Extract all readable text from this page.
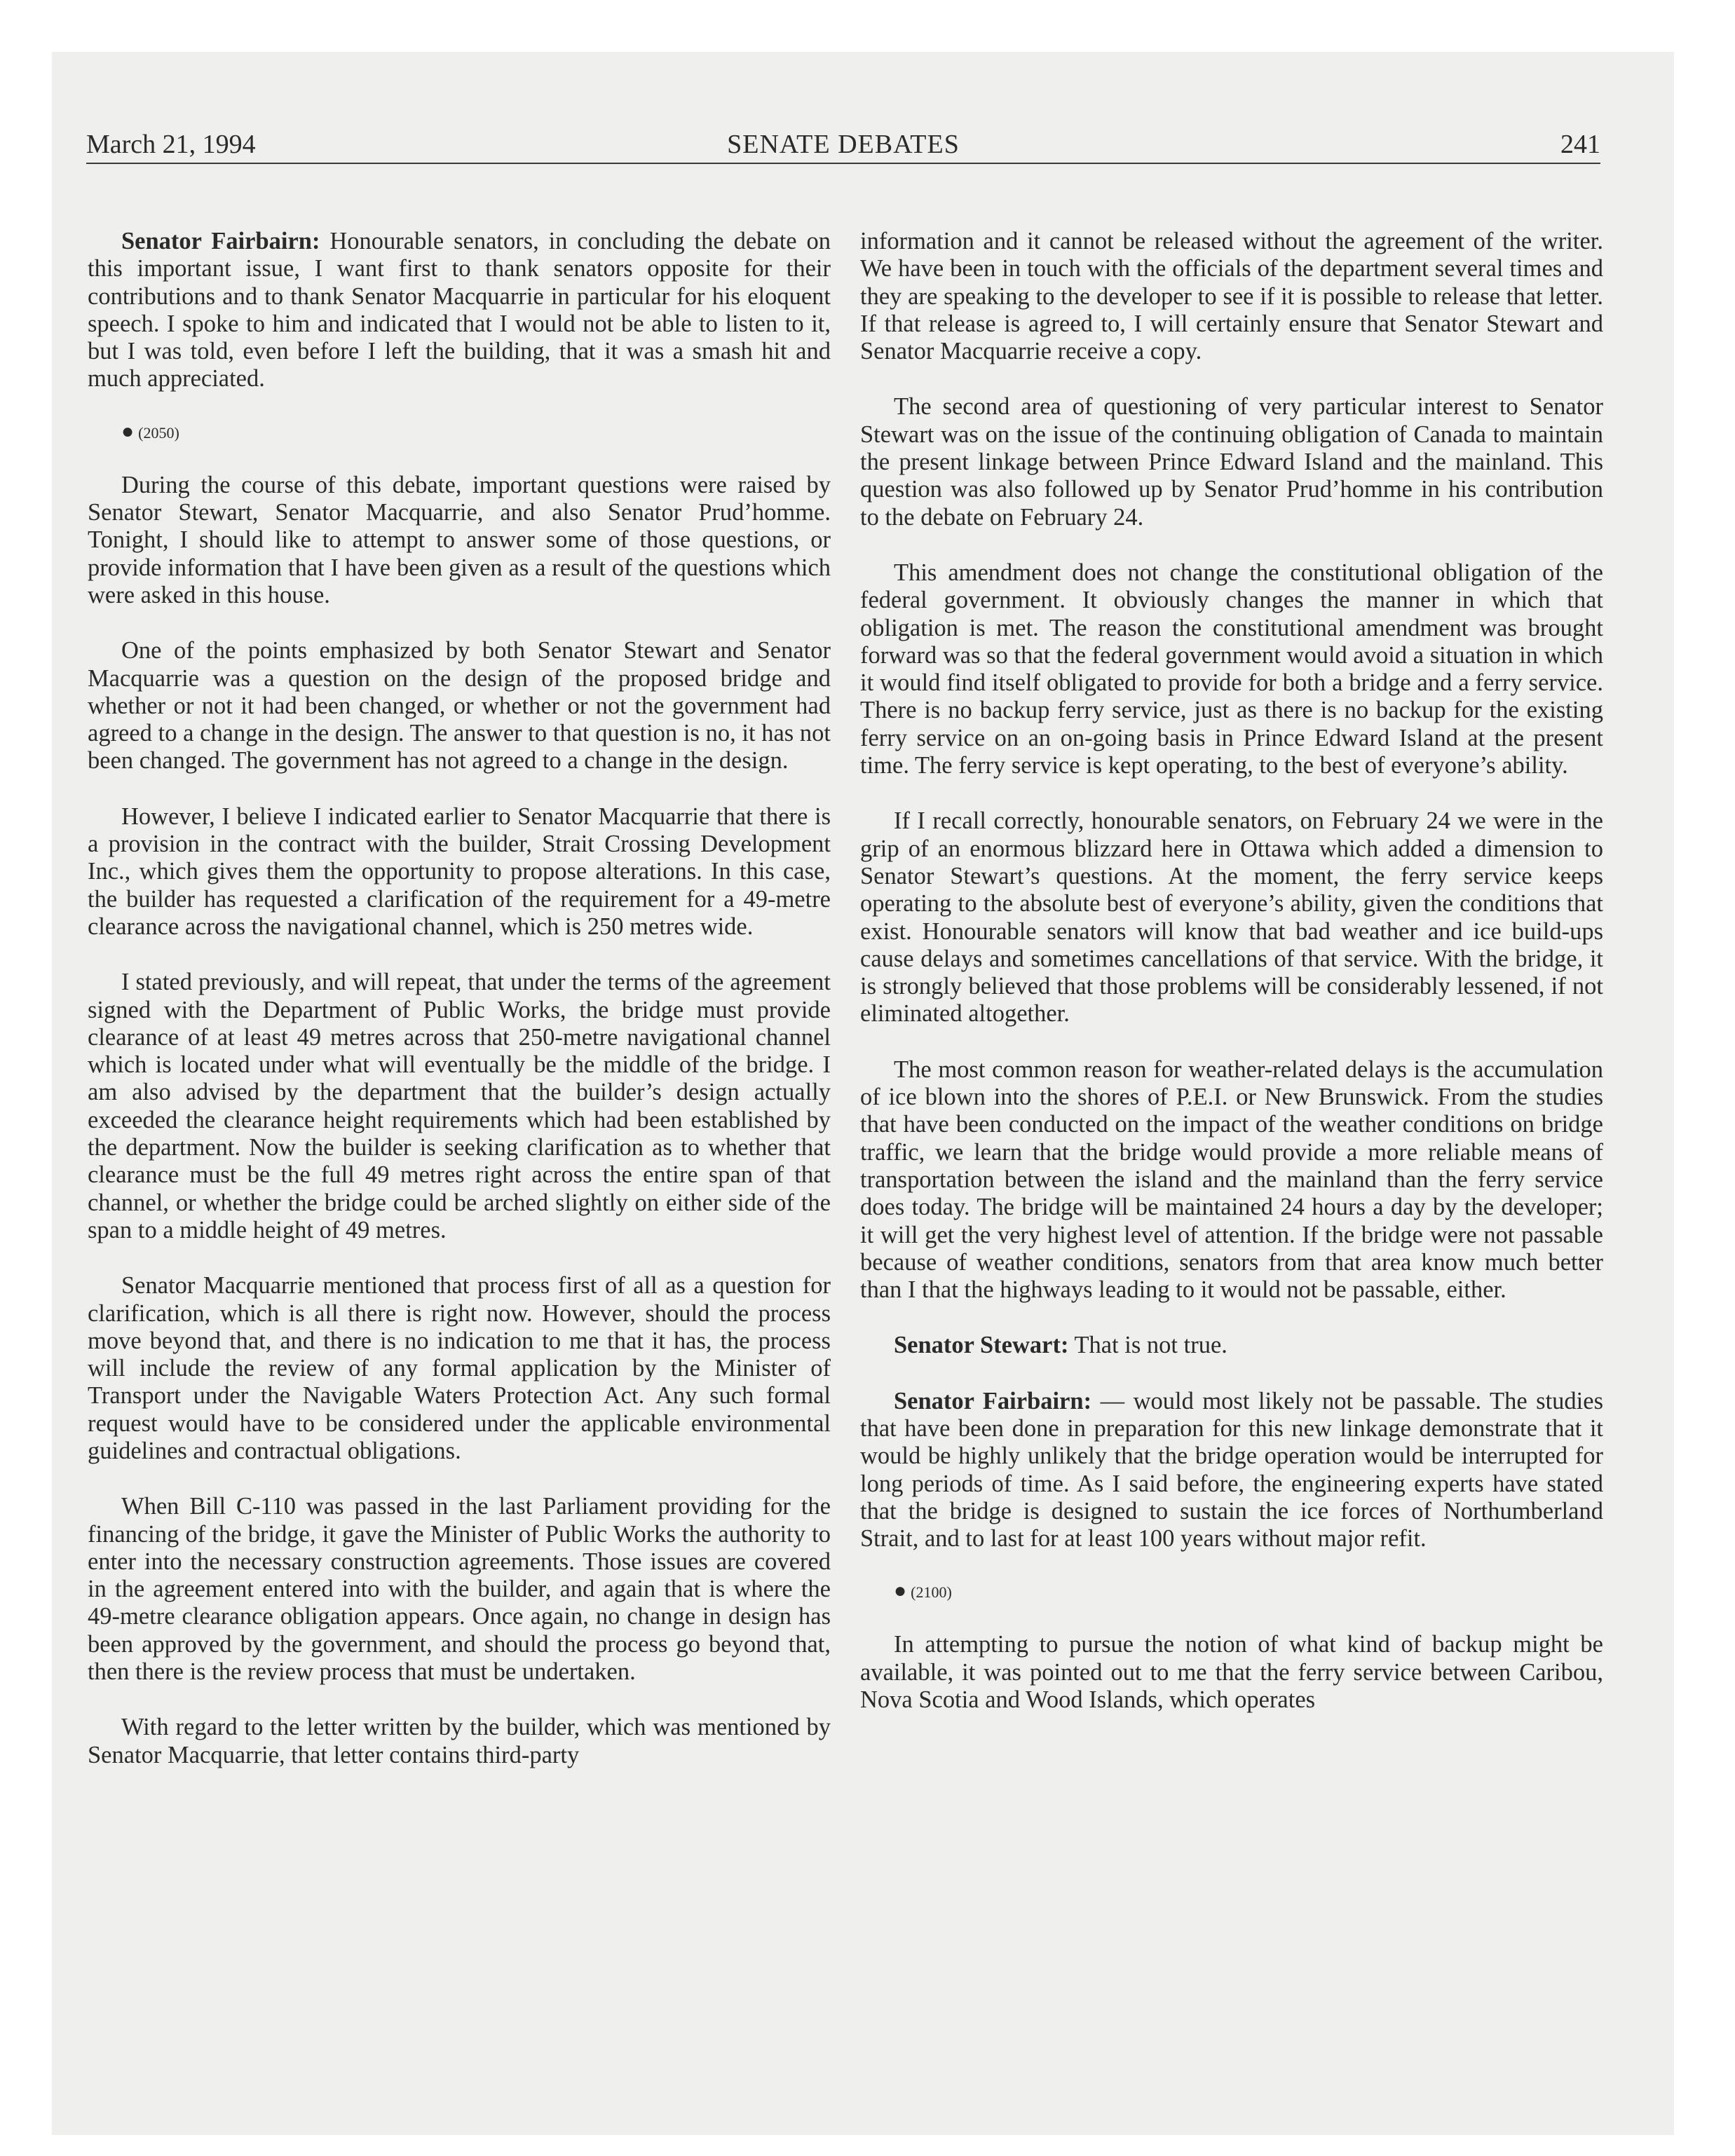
March 21, 1994	SENATE DEBATES	241

Senator Fairbairn: Honourable senators, in concluding the debate on this important issue, I want first to thank senators opposite for their contributions and to thank Senator Macquarrie in particular for his eloquent speech. I spoke to him and indicated that I would not be able to listen to it, but I was told, even before I left the building, that it was a smash hit and much appreciated.

● (2050)

During the course of this debate, important questions were raised by Senator Stewart, Senator Macquarrie, and also Senator Prud’homme. Tonight, I should like to attempt to answer some of those questions, or provide information that I have been given as a result of the questions which were asked in this house.

One of the points emphasized by both Senator Stewart and Senator Macquarrie was a question on the design of the proposed bridge and whether or not it had been changed, or whether or not the government had agreed to a change in the design. The answer to that question is no, it has not been changed. The government has not agreed to a change in the design.

However, I believe I indicated earlier to Senator Macquarrie that there is a provision in the contract with the builder, Strait Crossing Development Inc., which gives them the opportunity to propose alterations. In this case, the builder has requested a clarification of the requirement for a 49-metre clearance across the navigational channel, which is 250 metres wide.

I stated previously, and will repeat, that under the terms of the agreement signed with the Department of Public Works, the bridge must provide clearance of at least 49 metres across that 250-metre navigational channel which is located under what will eventually be the middle of the bridge. I am also advised by the department that the builder’s design actually exceeded the clearance height requirements which had been established by the department. Now the builder is seeking clarification as to whether that clearance must be the full 49 metres right across the entire span of that channel, or whether the bridge could be arched slightly on either side of the span to a middle height of 49 metres.

Senator Macquarrie mentioned that process first of all as a question for clarification, which is all there is right now. However, should the process move beyond that, and there is no indication to me that it has, the process will include the review of any formal application by the Minister of Transport under the Navigable Waters Protection Act. Any such formal request would have to be considered under the applicable environmental guidelines and contractual obligations.

When Bill C-110 was passed in the last Parliament providing for the financing of the bridge, it gave the Minister of Public Works the authority to enter into the necessary construction agreements. Those issues are covered in the agreement entered into with the builder, and again that is where the 49-metre clearance obligation appears. Once again, no change in design has been approved by the government, and should the process go beyond that, then there is the review process that must be undertaken.

With regard to the letter written by the builder, which was mentioned by Senator Macquarrie, that letter contains third-party

information and it cannot be released without the agreement of the writer. We have been in touch with the officials of the department several times and they are speaking to the developer to see if it is possible to release that letter. If that release is agreed to, I will certainly ensure that Senator Stewart and Senator Macquarrie receive a copy.

The second area of questioning of very particular interest to Senator Stewart was on the issue of the continuing obligation of Canada to maintain the present linkage between Prince Edward Island and the mainland. This question was also followed up by Senator Prud’homme in his contribution to the debate on February 24.

This amendment does not change the constitutional obligation of the federal government. It obviously changes the manner in which that obligation is met. The reason the constitutional amendment was brought forward was so that the federal government would avoid a situation in which it would find itself obligated to provide for both a bridge and a ferry service. There is no backup ferry service, just as there is no backup for the existing ferry service on an on-going basis in Prince Edward Island at the present time. The ferry service is kept operating, to the best of everyone’s ability.

If I recall correctly, honourable senators, on February 24 we were in the grip of an enormous blizzard here in Ottawa which added a dimension to Senator Stewart’s questions. At the moment, the ferry service keeps operating to the absolute best of everyone’s ability, given the conditions that exist. Honourable senators will know that bad weather and ice build-ups cause delays and sometimes cancellations of that service. With the bridge, it is strongly believed that those problems will be considerably lessened, if not eliminated altogether.

The most common reason for weather-related delays is the accumulation of ice blown into the shores of P.E.I. or New Brunswick. From the studies that have been conducted on the impact of the weather conditions on bridge traffic, we learn that the bridge would provide a more reliable means of transportation between the island and the mainland than the ferry service does today. The bridge will be maintained 24 hours a day by the developer; it will get the very highest level of attention. If the bridge were not passable because of weather conditions, senators from that area know much better than I that the highways leading to it would not be passable, either.

Senator Stewart: That is not true.

Senator Fairbairn: — would most likely not be passable. The studies that have been done in preparation for this new linkage demonstrate that it would be highly unlikely that the bridge operation would be interrupted for long periods of time. As I said before, the engineering experts have stated that the bridge is designed to sustain the ice forces of Northumberland Strait, and to last for at least 100 years without major refit.

● (2100)

In attempting to pursue the notion of what kind of backup might be available, it was pointed out to me that the ferry service between Caribou, Nova Scotia and Wood Islands, which operates
